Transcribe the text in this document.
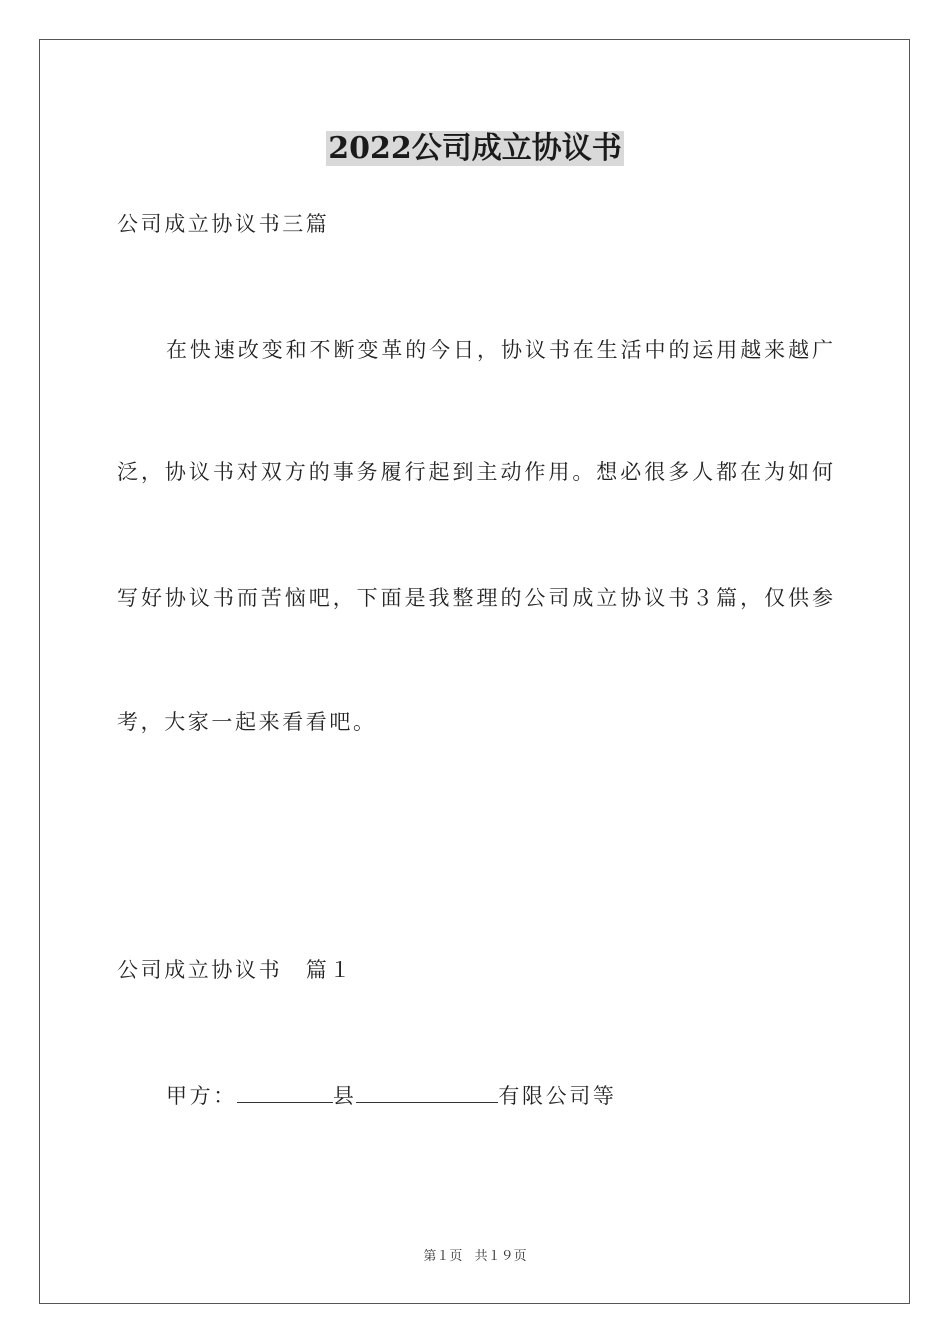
2022公司成立协议书
公司成立协议书三篇
在快速改变和不断变革的今日，协议书在生活中的运用越来越广
泛，协议书对双方的事务履行起到主动作用。想必很多人都在为如何
写好协议书而苦恼吧，下面是我整理的公司成立协议书３篇，仅供参
考，大家一起来看看吧。
公司成立协议书　篇１
甲方：	县	有限公司等
第１页 共１９页
